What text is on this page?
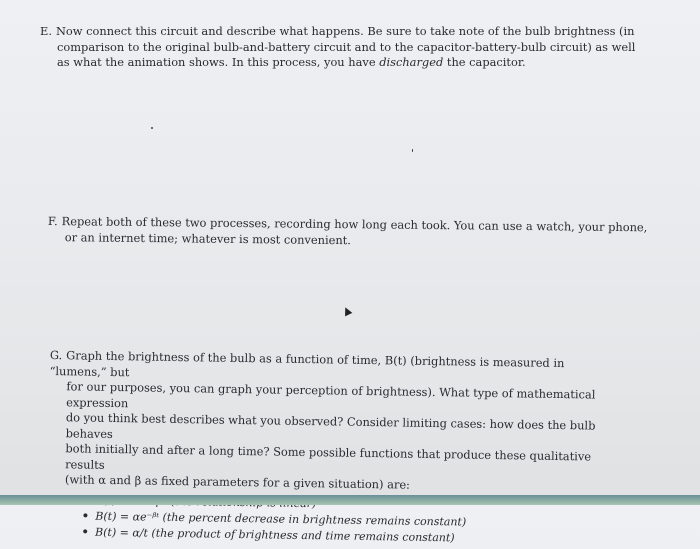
E. Now connect this circuit and describe what happens. Be sure to take note of the bulb brightness (in
comparison to the original bulb-and-battery circuit and to the capacitor-battery-bulb circuit) as well
as what the animation shows. In this process, you have discharged the capacitor.

F. Repeat both of these two processes, recording how long each took. You can use a watch, your phone,
or an internet time; whatever is most convenient.

G. Graph the brightness of the bulb as a function of time, B(t) (brightness is measured in “lumens,” but
for our purposes, you can graph your perception of brightness). What type of mathematical expression
do you think best describes what you observed? Consider limiting cases: how does the bulb behaves
both initially and after a long time? Some possible functions that produce these qualitative results
(with α and β as fixed parameters for a given situation) are:
•
• B(t) = αe⁻ᵝᵗ (the percent decrease in brightness remains constant)
• B(t) = α/t (the product of brightness and time remains constant)
